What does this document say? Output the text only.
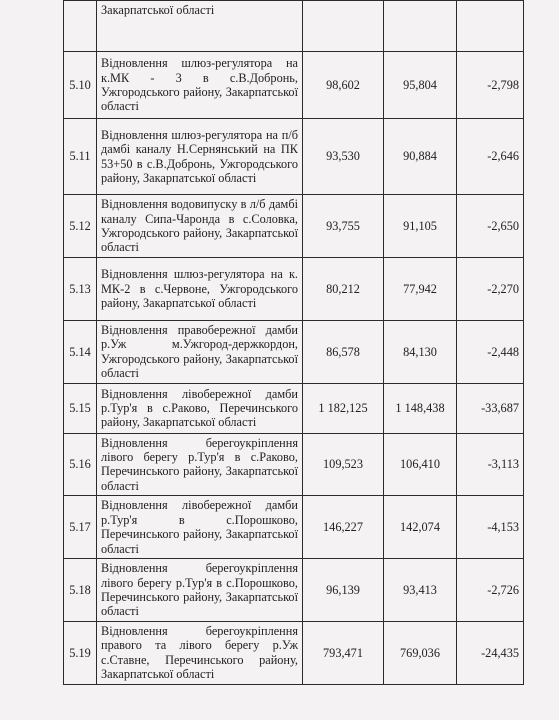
	Закарпатської області			
5.10	Відновлення шлюз-регулятора на к.МК - 3 в с.В.Добронь, Ужгородського району, Закарпатської області	98,602	95,804	-2,798
5.11	Відновлення шлюз-регулятора на п/б дамбі каналу Н.Сернянський на ПК 53+50 в с.В.Добронь, Ужгородського району, Закарпатської області	93,530	90,884	-2,646
5.12	Відновлення водовипуску в л/б дамбі каналу Сипа-Чаронда в с.Соловка, Ужгородського району, Закарпатської області	93,755	91,105	-2,650
5.13	Відновлення шлюз-регулятора на к. МК-2 в с.Червоне, Ужгородського району, Закарпатської області	80,212	77,942	-2,270
5.14	Відновлення правобережної дамби р.Уж м.Ужгород-держкордон, Ужгородського району, Закарпатської області	86,578	84,130	-2,448
5.15	Відновлення лівобережної дамби р.Тур'я в с.Раково, Перечинського району, Закарпатської області	1 182,125	1 148,438	-33,687
5.16	Відновлення берегоукріплення лівого берегу р.Тур'я в с.Раково, Перечинського району, Закарпатської області	109,523	106,410	-3,113
5.17	Відновлення лівобережної дамби р.Тур'я в с.Порошково, Перечинського району, Закарпатської області	146,227	142,074	-4,153
5.18	Відновлення берегоукріплення лівого берегу р.Тур'я в с.Порошково, Перечинського району, Закарпатської області	96,139	93,413	-2,726
5.19	Відновлення берегоукріплення правого та лівого берегу р.Уж с.Ставне, Перечинського району, Закарпатської області	793,471	769,036	-24,435
